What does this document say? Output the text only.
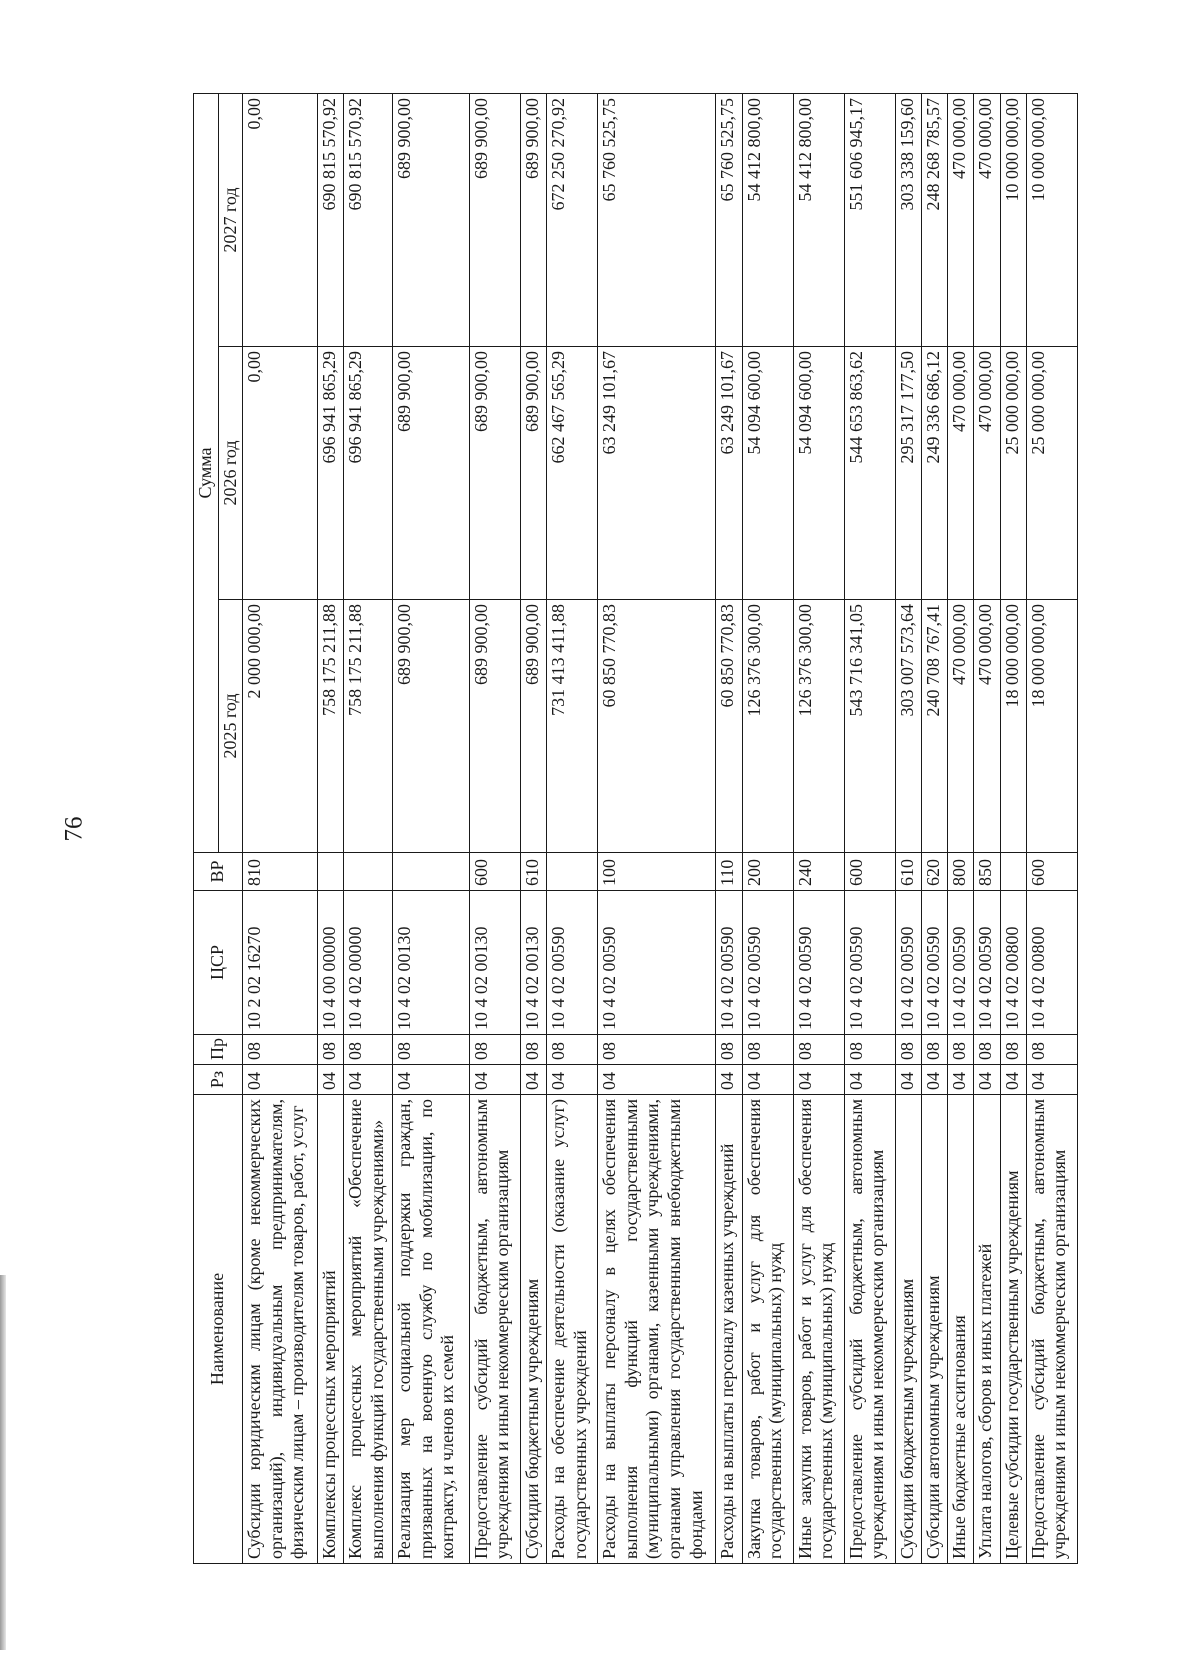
76
Наименование	Рз	Пр	ЦСР	ВР	Сумма		
					2025 год	2026 год	2027 год
Субсидии юридическим лицам (кроме некоммерческих организаций), индивидуальным предпринимателям, физическим лицам – производителям товаров, работ, услуг	04	08	10 2 02 16270	810	2 000 000,00	0,00	0,00
Комплексы процессных мероприятий	04	08	10 4 00 00000		758 175 211,88	696 941 865,29	690 815 570,92
Комплекс процессных мероприятий «Обеспечение выполнения функций государственными учреждениями»	04	08	10 4 02 00000		758 175 211,88	696 941 865,29	690 815 570,92
Реализация мер социальной поддержки граждан, призванных на военную службу по мобилизации, по контракту, и членов их семей	04	08	10 4 02 00130		689 900,00	689 900,00	689 900,00
Предоставление субсидий бюджетным, автономным учреждениям и иным некоммерческим организациям	04	08	10 4 02 00130	600	689 900,00	689 900,00	689 900,00
Субсидии бюджетным учреждениям	04	08	10 4 02 00130	610	689 900,00	689 900,00	689 900,00
Расходы на обеспечение деятельности (оказание услуг) государственных учреждений	04	08	10 4 02 00590		731 413 411,88	662 467 565,29	672 250 270,92
Расходы на выплаты персоналу в целях обеспечения выполнения функций государственными (муниципальными) органами, казенными учреждениями, органами управления государственными внебюджетными фондами	04	08	10 4 02 00590	100	60 850 770,83	63 249 101,67	65 760 525,75
Расходы на выплаты персоналу казенных учреждений	04	08	10 4 02 00590	110	60 850 770,83	63 249 101,67	65 760 525,75
Закупка товаров, работ и услуг для обеспечения государственных (муниципальных) нужд	04	08	10 4 02 00590	200	126 376 300,00	54 094 600,00	54 412 800,00
Иные закупки товаров, работ и услуг для обеспечения государственных (муниципальных) нужд	04	08	10 4 02 00590	240	126 376 300,00	54 094 600,00	54 412 800,00
Предоставление субсидий бюджетным, автономным учреждениям и иным некоммерческим организациям	04	08	10 4 02 00590	600	543 716 341,05	544 653 863,62	551 606 945,17
Субсидии бюджетным учреждениям	04	08	10 4 02 00590	610	303 007 573,64	295 317 177,50	303 338 159,60
Субсидии автономным учреждениям	04	08	10 4 02 00590	620	240 708 767,41	249 336 686,12	248 268 785,57
Иные бюджетные ассигнования	04	08	10 4 02 00590	800	470 000,00	470 000,00	470 000,00
Уплата налогов, сборов и иных платежей	04	08	10 4 02 00590	850	470 000,00	470 000,00	470 000,00
Целевые субсидии государственным учреждениям	04	08	10 4 02 00800		18 000 000,00	25 000 000,00	10 000 000,00
Предоставление субсидий бюджетным, автономным учреждениям и иным некоммерческим организациям	04	08	10 4 02 00800	600	18 000 000,00	25 000 000,00	10 000 000,00
